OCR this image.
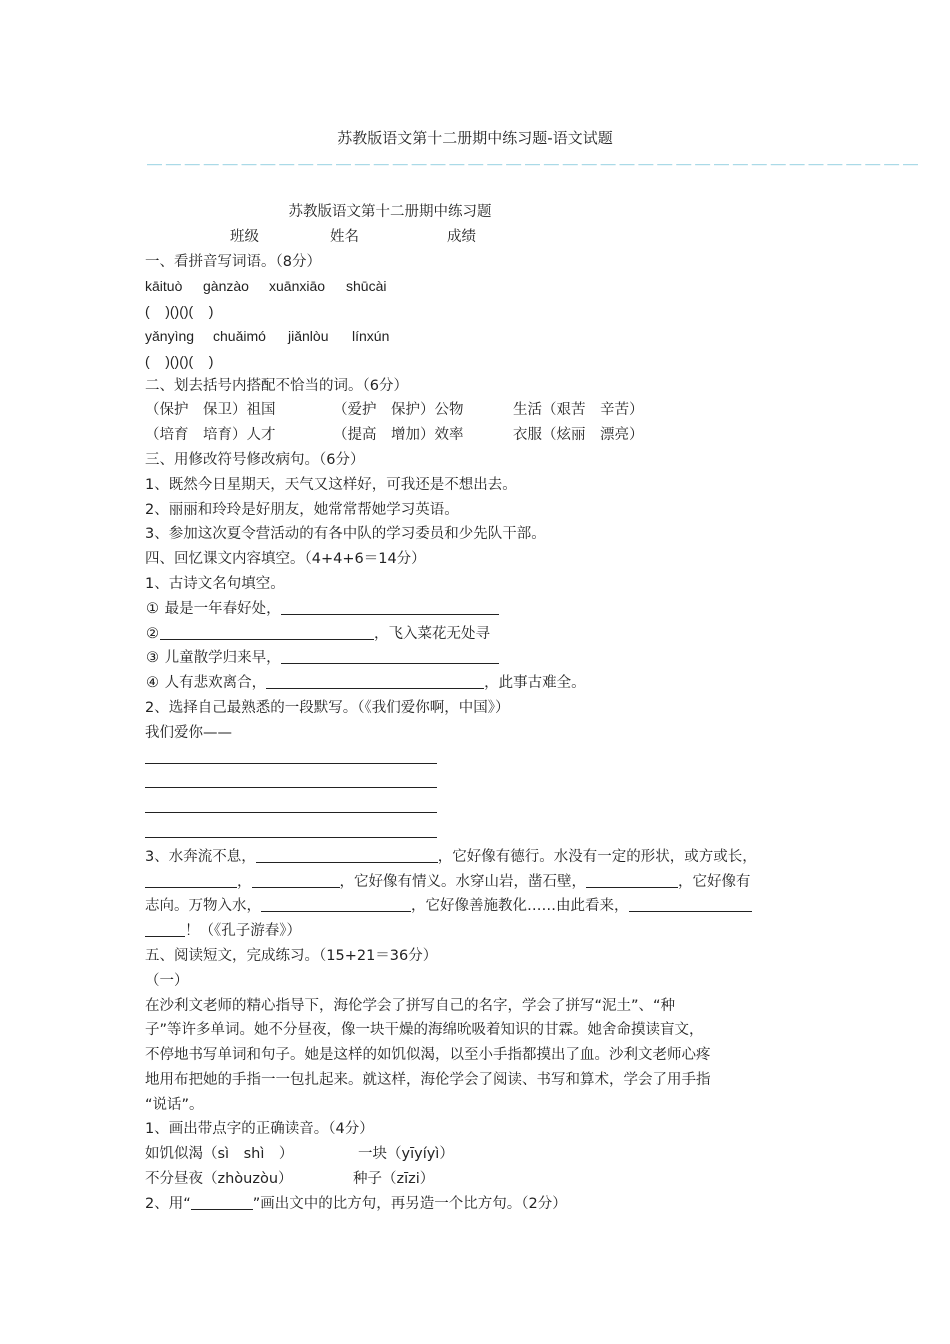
苏教版语文第十二册期中练习题-语文试题
＿＿＿＿＿＿＿＿＿＿＿＿＿＿＿＿＿＿＿＿＿＿＿＿＿＿＿＿＿＿＿＿＿＿＿＿＿＿＿＿＿
苏教版语文第十二册期中练习题
班级	姓名	成绩
一、看拼音写词语。（8分）
kāituò gànzào xuānxiāo shūcài
(    )()()(    )
yǎnyìng chuǎimó jiǎnlòu línxún
(    )()()(    )
二、划去括号内搭配不恰当的词。（6分）
（保护　保卫）祖国	（爱护　保护）公物	生活（艰苦　辛苦）
（培育　培育）人才	（提高　增加）效率	衣服（炫丽　漂亮）
三、用修改符号修改病句。（6分）
1、既然今日星期天，天气又这样好，可我还是不想出去。
2、丽丽和玲玲是好朋友，她常常帮她学习英语。
3、参加这次夏令营活动的有各中队的学习委员和少先队干部。
四、回忆课文内容填空。（4+4+6＝14分）
1、古诗文名句填空。
① 最是一年春好处，
②	，飞入菜花无处寻
③ 儿童散学归来早，
④ 人有悲欢离合，	，此事古难全。
2、选择自己最熟悉的一段默写。（《我们爱你啊，中国》）
我们爱你——
3、水奔流不息，	，它好像有德行。水没有一定的形状，或方或长，
，	，它好像有情义。水穿山岩，凿石壁，	，它好像有
志向。万物入水，	，它好像善施教化……由此看来，
！（《孔子游春》）
五、阅读短文，完成练习。（15+21＝36分）
（一）
在沙利文老师的精心指导下，海伦学会了拼写自己的名字，学会了拼写“泥土”、“种
子”等许多单词。她不分昼夜，像一块干燥的海绵吮吸着知识的甘霖。她舍命摸读盲文，
不停地书写单词和句子。她是这样的如饥似渴，以至小手指都摸出了血。沙利文老师心疼
地用布把她的手指一一包扎起来。就这样，海伦学会了阅读、书写和算术，学会了用手指
“说话”。
1、画出带点字的正确读音。（4分）
如饥似渴（sì　shì　）	一块（yīyíyì）
不分昼夜（zhòuzòu）	种子（zīzi）
2、用“	”画出文中的比方句，再另造一个比方句。（2分）
